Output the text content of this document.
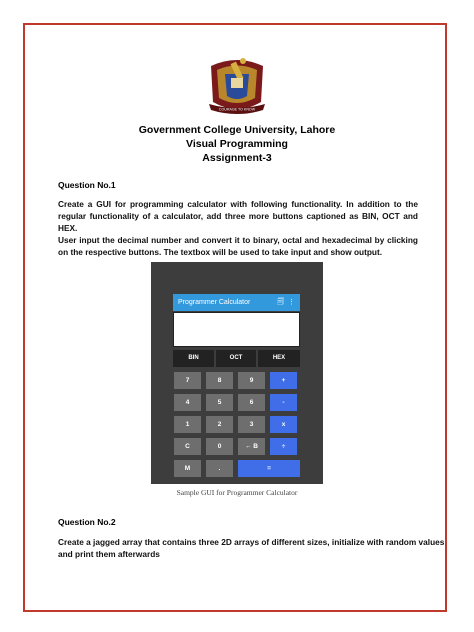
COURAGE TO KNOW
Government College University, Lahore
Visual Programming
Assignment-3
Question No.1
Create a GUI for programming calculator with following functionality. In addition to the
regular functionality of a calculator, add three more buttons captioned as BIN, OCT and HEX.
User input the decimal number and convert it to binary, octal and hexadecimal by clicking
on the respective buttons. The textbox will be used to take input and show output.
Programmer Calculator	🗐 ⋮
BIN	OCT	HEX
7	8	9	+
4	5	6	-
1	2	3	x
C	0	← B	÷
M	.	=
Sample GUI for Programmer Calculator
Question No.2
Create a jagged array that contains three 2D arrays of different sizes, initialize with random values
and print them afterwards
